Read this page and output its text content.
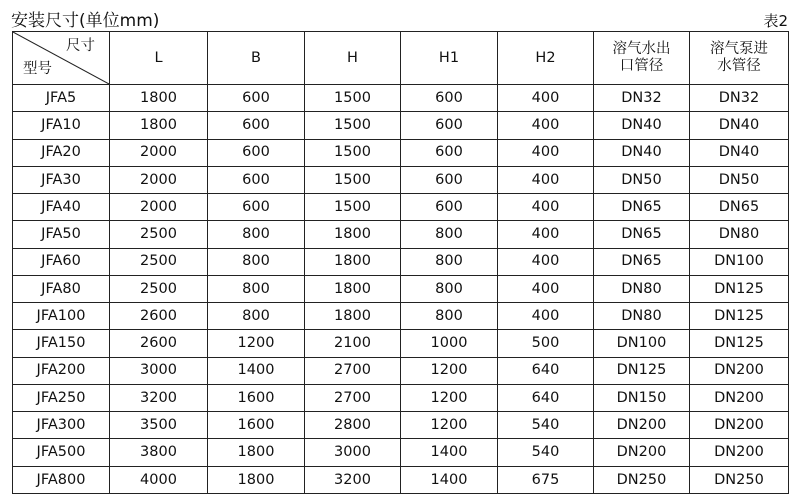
安装尺寸(单位mm)	表2
尺寸
型号	L	B	H	H1	H2	溶气水出口管径	溶气泵进水管径
JFA5	1800	600	1500	600	400	DN32	DN32
JFA10	1800	600	1500	600	400	DN40	DN40
JFA20	2000	600	1500	600	400	DN40	DN40
JFA30	2000	600	1500	600	400	DN50	DN50
JFA40	2000	600	1500	600	400	DN65	DN65
JFA50	2500	800	1800	800	400	DN65	DN80
JFA60	2500	800	1800	800	400	DN65	DN100
JFA80	2500	800	1800	800	400	DN80	DN125
JFA100	2600	800	1800	800	400	DN80	DN125
JFA150	2600	1200	2100	1000	500	DN100	DN125
JFA200	3000	1400	2700	1200	640	DN125	DN200
JFA250	3200	1600	2700	1200	640	DN150	DN200
JFA300	3500	1600	2800	1200	540	DN200	DN200
JFA500	3800	1800	3000	1400	540	DN200	DN200
JFA800	4000	1800	3200	1400	675	DN250	DN250
